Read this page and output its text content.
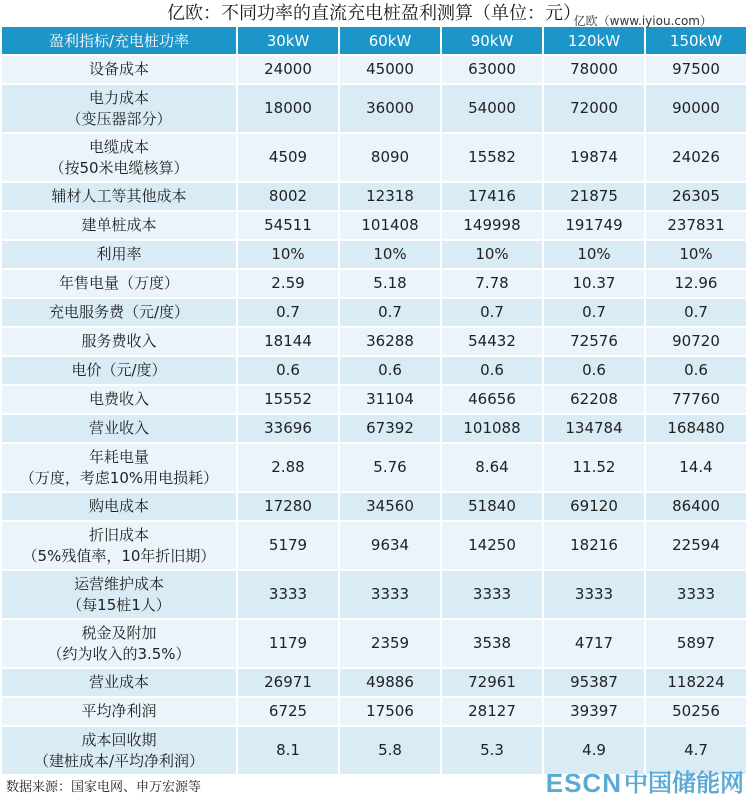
亿欧：不同功率的直流充电桩盈利测算（单位：元）
盈利指标/充电桩功率	30kW	60kW	90kW	120kW	150kW

设备成本	24000	45000	63000	78000	97500

电力成本
（变压器部分）	18000	36000	54000	72000	90000

电缆成本
（按50米电缆核算）	4509	8090	15582	19874	24026

辅材人工等其他成本	8002	12318	17416	21875	26305

建单桩成本	54511	101408	149998	191749	237831

利用率	10%	10%	10%	10%	10%

年售电量（万度）	2.59	5.18	7.78	10.37	12.96

充电服务费（元/度）	0.7	0.7	0.7	0.7	0.7

服务费收入	18144	36288	54432	72576	90720

电价（元/度）	0.6	0.6	0.6	0.6	0.6

电费收入	15552	31104	46656	62208	77760

营业收入	33696	67392	101088	134784	168480

年耗电量
（万度，考虑10%用电损耗）	2.88	5.76	8.64	11.52	14.4

购电成本	17280	34560	51840	69120	86400

折旧成本
（5%残值率，10年折旧期）	5179	9634	14250	18216	22594

运营维护成本
（每15桩1人）	3333	3333	3333	3333	3333

税金及附加
（约为收入的3.5%）	1179	2359	3538	4717	5897

营业成本	26971	49886	72961	95387	118224

平均净利润	6725	17506	28127	39397	50256

成本回收期
（建桩成本/平均净利润）	8.1	5.8	5.3	4.9	4.7
数据来源：国家电网、申万宏源等	ESCN 中国储能网
亿欧（www.iyiou.com）
